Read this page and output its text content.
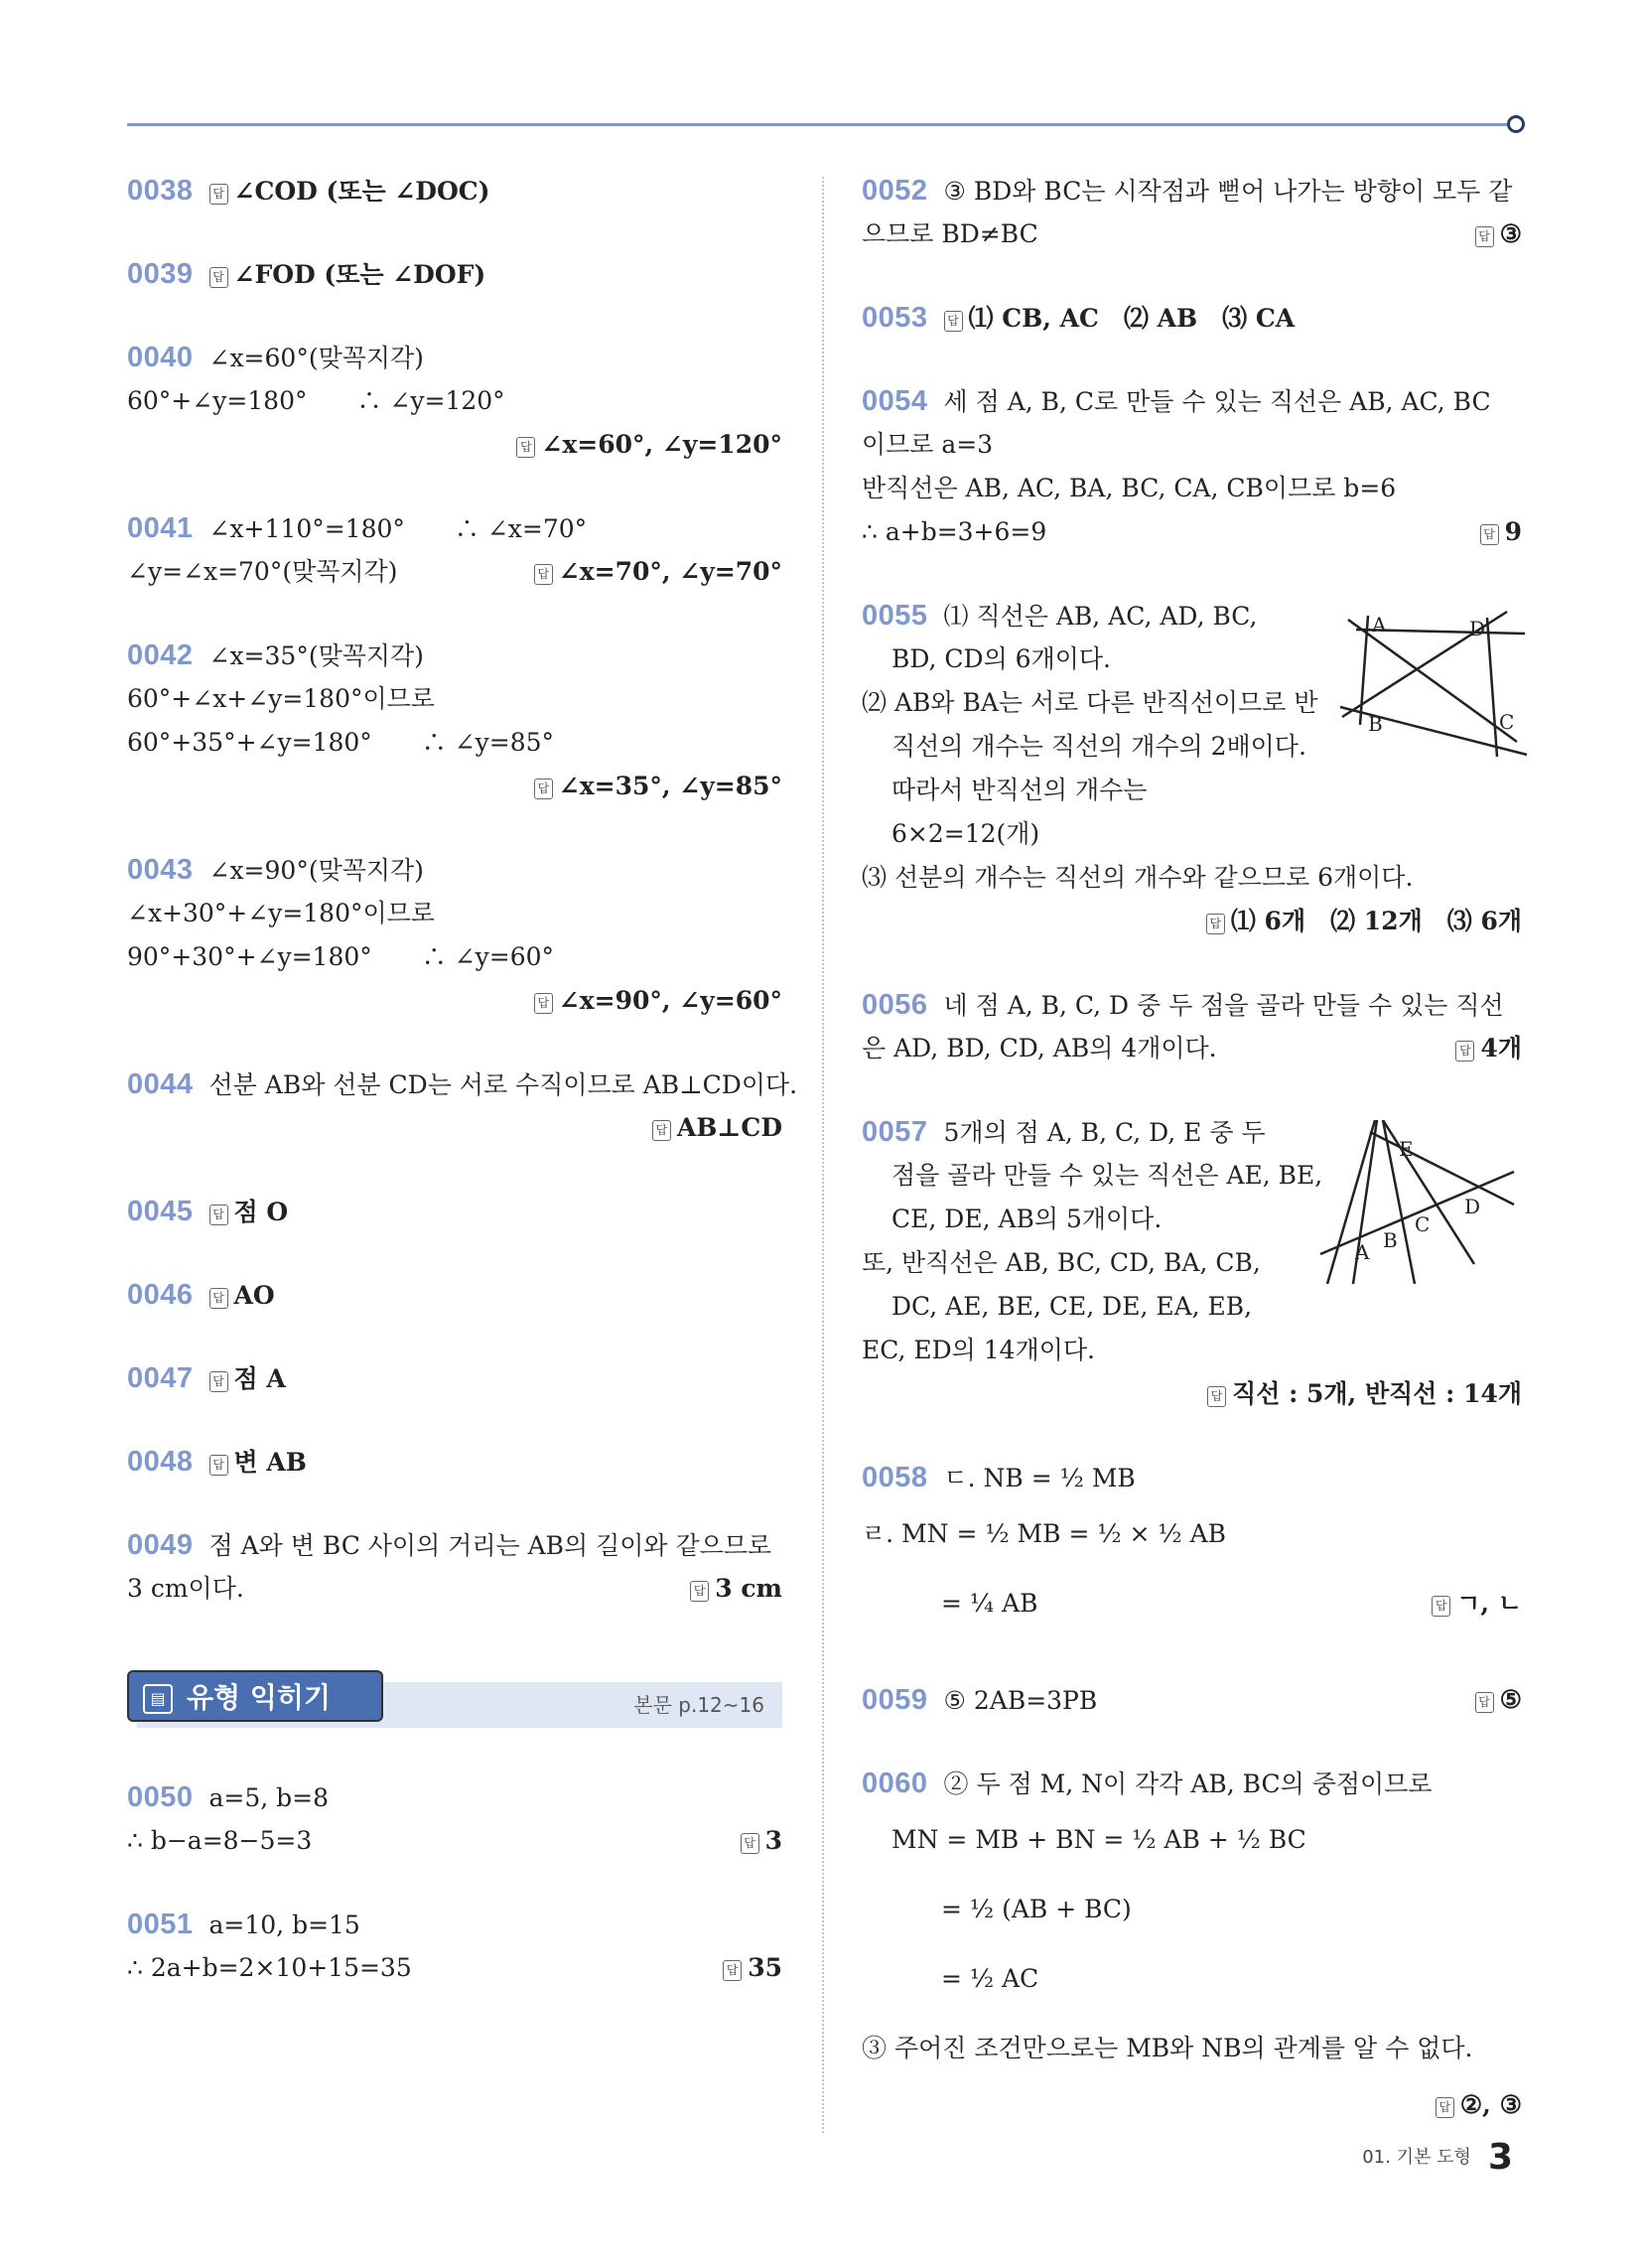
0038 답 ∠COD (또는 ∠DOC)
0039 답 ∠FOD (또는 ∠DOF)
0040 ∠x=60°(맞꼭지각)
60°+∠y=180°　　∴ ∠y=120°
답 ∠x=60°, ∠y=120°
0041 ∠x+110°=180°　　∴ ∠x=70°
∠y=∠x=70°(맞꼭지각)	답 ∠x=70°, ∠y=70°
0042 ∠x=35°(맞꼭지각)
60°+∠x+∠y=180°이므로
60°+35°+∠y=180°　　∴ ∠y=85°
답 ∠x=35°, ∠y=85°
0043 ∠x=90°(맞꼭지각)
∠x+30°+∠y=180°이므로
90°+30°+∠y=180°　　∴ ∠y=60°
답 ∠x=90°, ∠y=60°
0044 선분 AB와 선분 CD는 서로 수직이므로 AB⊥CD이다.
답 AB⊥CD
0045 답 점 O
0046 답 AO
0047 답 점 A
0048 답 변 AB
0049 점 A와 변 BC 사이의 거리는 AB의 길이와 같으므로
3 cm이다.	답 3 cm
▤ 유형 익히기	본문 p.12~16
0050 a=5, b=8
∴ b−a=8−5=3	답 3
0051 a=10, b=15
∴ 2a+b=2×10+15=35	답 35
0052 ③ BD와 BC는 시작점과 뻗어 나가는 방향이 모두 같
으므로 BD≠BC	답 ③
0053 답 ⑴ CB, AC　⑵ AB　⑶ CA
0054 세 점 A, B, C로 만들 수 있는 직선은 AB, AC, BC
이므로 a=3
반직선은 AB, AC, BA, BC, CA, CB이므로 b=6
∴ a+b=3+6=9	답 9
0055 ⑴ 직선은 AB, AC, AD, BC,
BD, CD의 6개이다.
⑵ AB와 BA는 서로 다른 반직선이므로 반
직선의 개수는 직선의 개수의 2배이다.
따라서 반직선의 개수는
6×2=12(개)
⑶ 선분의 개수는 직선의 개수와 같으므로 6개이다.
답 ⑴ 6개　⑵ 12개　⑶ 6개
0056 네 점 A, B, C, D 중 두 점을 골라 만들 수 있는 직선
은 AD, BD, CD, AB의 4개이다.	답 4개
0057 5개의 점 A, B, C, D, E 중 두
점을 골라 만들 수 있는 직선은 AE, BE,
CE, DE, AB의 5개이다.
또, 반직선은 AB, BC, CD, BA, CB,
DC, AE, BE, CE, DE, EA, EB,
EC, ED의 14개이다.
답 직선 : 5개, 반직선 : 14개
0058 ㄷ. NB = ½ MB
ㄹ. MN = ½ MB = ½ × ½ AB
= ¼ AB	답 ㄱ, ㄴ
0059 ⑤ 2AB=3PB	답 ⑤
0060 ② 두 점 M, N이 각각 AB, BC의 중점이므로
MN = MB + BN = ½ AB + ½ BC
= ½ (AB + BC)
= ½ AC
③ 주어진 조건만으로는 MB와 NB의 관계를 알 수 없다.
답 ②, ③
A	D
B	C
E
D
C
B
A
01. 기본 도형 3
